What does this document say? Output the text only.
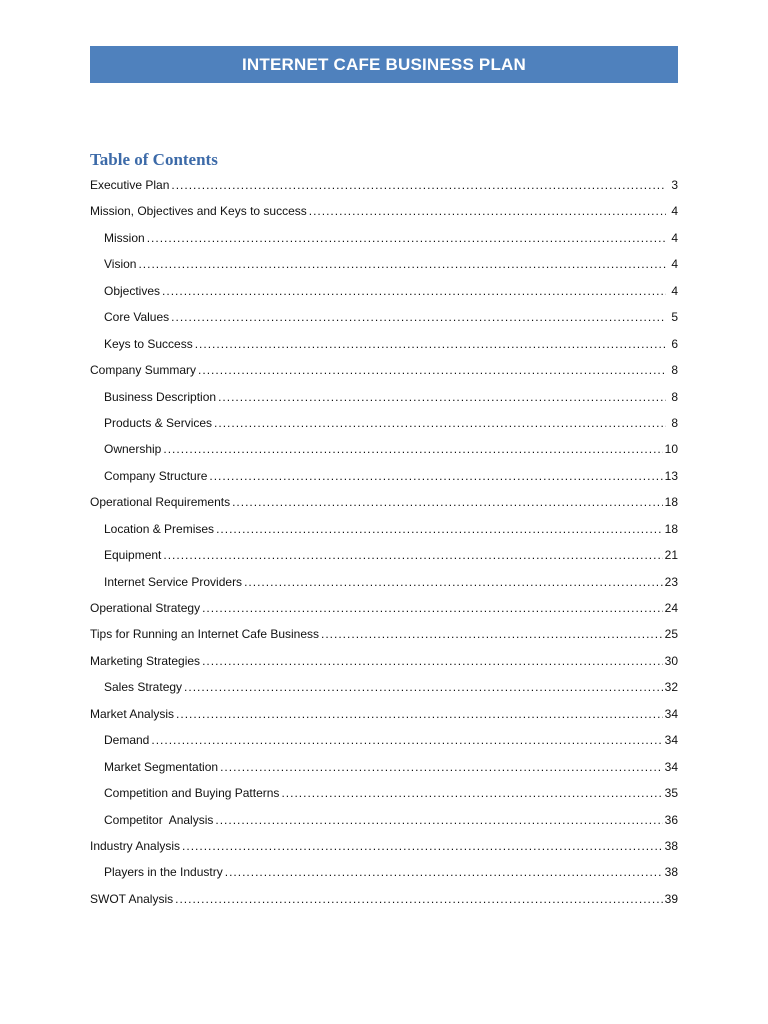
INTERNET CAFE BUSINESS PLAN
Table of Contents
Executive Plan .....	3
Mission, Objectives and Keys to success .....	4
Mission .....	4
Vision .....	4
Objectives .....	4
Core Values .....	5
Keys to Success .....	6
Company Summary .....	8
Business Description .....	8
Products & Services .....	8
Ownership .....	10
Company Structure .....	13
Operational Requirements .....	18
Location & Premises .....	18
Equipment .....	21
Internet Service Providers .....	23
Operational Strategy .....	24
Tips for Running an Internet Cafe Business .....	25
Marketing Strategies .....	30
Sales Strategy .....	32
Market Analysis .....	34
Demand .....	34
Market Segmentation .....	34
Competition and Buying Patterns .....	35
Competitor  Analysis .....	36
Industry Analysis .....	38
Players in the Industry .....	38
SWOT Analysis .....	39
